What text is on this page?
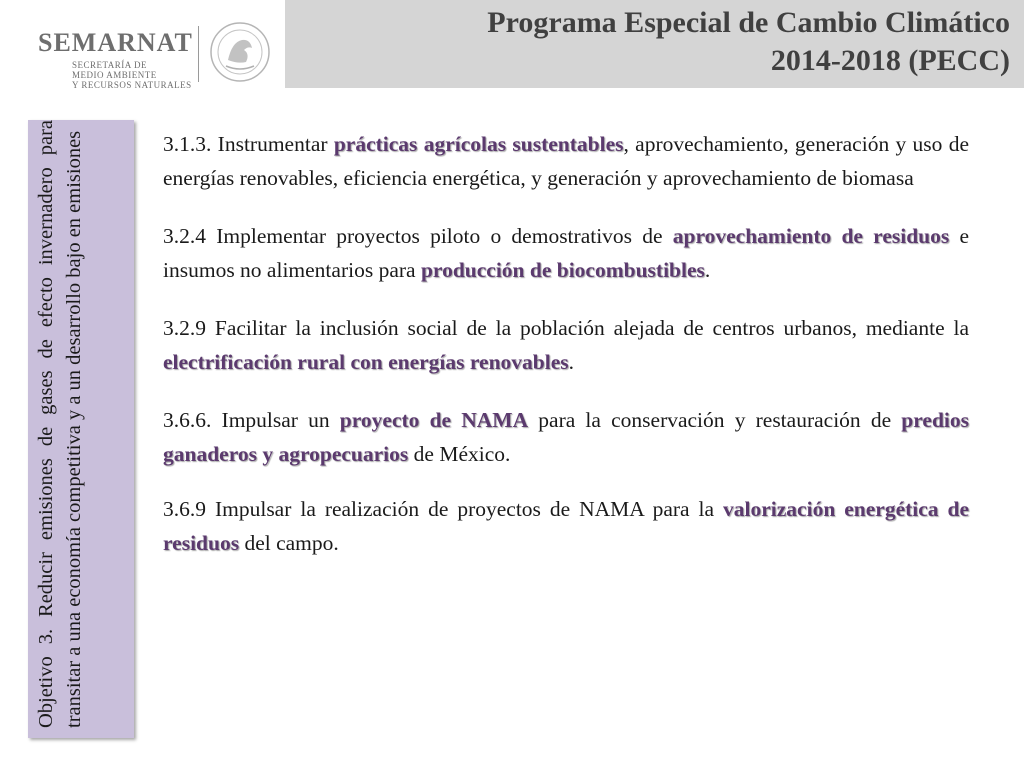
SEMARNAT
SECRETARÍA DE
MEDIO AMBIENTE
Y RECURSOS NATURALES
Programa Especial de Cambio Climático
2014-2018 (PECC)
Objetivo 3. Reducir emisiones de gases de efecto invernadero para transitar a una economía competitiva y a un desarrollo bajo en emisiones	3.1.3. Instrumentar prácticas agrícolas sustentables, aprovechamiento, generación y uso de energías renovables, eficiencia energética, y generación y aprovechamiento de biomasa

3.2.4 Implementar proyectos piloto o demostrativos de aprovechamiento de residuos e insumos no alimentarios para producción de biocombustibles.

3.2.9 Facilitar la inclusión social de la población alejada de centros urbanos, mediante la electrificación rural con energías renovables.

3.6.6. Impulsar un proyecto de NAMA para la conservación y restauración de predios ganaderos y agropecuarios de México.

3.6.9 Impulsar la realización de proyectos de NAMA para la valorización energética de residuos del campo.
